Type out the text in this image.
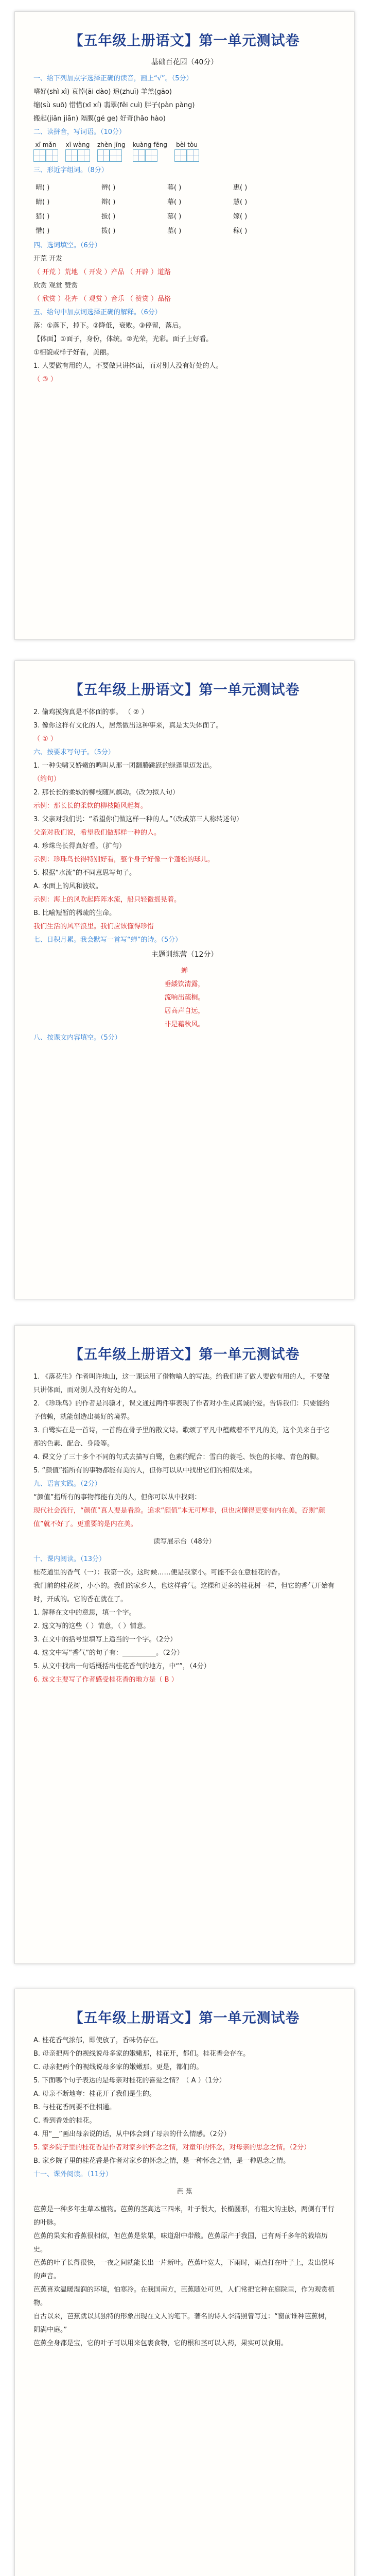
【五年级上册语文】第一单元测试卷
基础百花园（40分）

一、给下列加点字选择正确的读音，画上“√”。（5分）

嗜好(shì xì) 哀悼(āi dào) 追(zhuī) 羊羔(gāo)

缩(sù suō) 惜惜(xī xí) 翡翠(fěi cuì) 胖子(pàn pàng)

搬起(jiǎn jiān) 隔膜(gé ge) 好奇(hǎo hào)

二、读拼音，写词语。（10分）

xī mǎn xī wàng zhèn jīng kuàng fēng bèi tòu

三、形近字组词。（8分）

晴( )	辨( )	暮( )	惠( )
睛( )	辩( )	幕( )	慧( )
猎( )	拔( )	慕( )	嫁( )
惜( )	拨( )	墓( )	稼( )

四、选词填空。（6分）

开荒 开发

（ 开荒 ）荒地 （ 开发 ）产品 （ 开辟 ）道路

欣赏 观赏 赞赏

（ 欣赏 ）花卉 （ 观赏 ）音乐 （ 赞赏 ）品格

五、给句中加点词选择正确的解释。（6分）

落：①落下，掉下。②降低，衰败。③停留，落后。

【体面】①面子，身份，体统。②光荣，光彩。面子上好看。

①相貌或样子好看，美丽。

1. 人要做有用的人，不要做只讲体面，而对别人没有好处的人。

（ ③ ）

【五年级上册语文】第一单元测试卷

2. 偷鸡摸狗真是不体面的事。 （ ② ）

3. 像你这样有文化的人，居然做出这种事来，真是太失体面了。

（ ① ）

六、按要求写句子。（5分）

1. 一种尖啸又娇嫩的鸣叫从那一团翻腾跳跃的绿蓬里迈发出。

（缩句）

2. 那长长的柔软的柳枝随风飘动。（改为拟人句）

示例：那长长的柔软的柳枝随风起舞。

3. 父亲对我们说：“希望你们做这样一种的人。”（改成第三人称转述句）

父亲对我们说，希望我们做那样一种的人。

4. 珍珠鸟长得真好看。（扩句）

示例：珍珠鸟长得特别好看，整个身子好像一个蓬松的球儿。

5. 根据“水流”的不同意思写句子。

A. 水面上的风和波纹。

示例：海上的风吹起阵阵水流，船只轻微摇晃着。

B. 比喻短暂的稀疏的生命。

我们生活的风平浪里。我们应该懂得珍惜

七、日积月累。我会默写一首写“蝉”的诗。（5分）

主题训练营（12分）
蝉
垂緌饮清露，
流响出疏桐。
居高声自远，
非是藉秋风。

八、按课文内容填空。（5分）

【五年级上册语文】第一单元测试卷

1. 《落花生》作者叫许地山，这一课运用了借物喻人的写法。给我们讲了做人要做有用的人，不要做只讲体面，而对别人没有好处的人。

2. 《珍珠鸟》的作者是冯骥才，课文通过两件事表现了作者对小生灵真诚的爱。告诉我们：只要能给予信赖，就能创造出美好的境界。

3. 白鹭实在是一首诗，一首韵在骨子里的散文诗。歌颂了平凡中蕴藏着不平凡的美，这个美来自于它那的色素、配合、身段等。

4. 课文分了三十多个不同的句式去描写白鹭，色素的配合：雪白的蓑毛、铁色的长喙、青色的脚。

5. “颜值”指所有的事物都能有美的人，但你可以从中找出它们的相似处来。

九、语言实践。（2分）

“颜值”指所有的事物都能有美的人，但你可以从中找到：

现代社会流行，“颜值”真人要是看脸。追求“颜值”本无可厚非，但也应懂得更要有内在美，否则“颜值”就不好了。更重要的是内在美。

读写展示台（48分）

十、课内阅读。（13分）

桂花道里的香气（一）：我第一次。这时候……便是我家小。可能不会在意桂花的香。

我门前的桂花树，小小的。我们的家乡人，也这样香气。这棵和更多的桂花树一样，但它的香气开始有时，开成的。它的香在就在了。

1. 解释在文中的意思，填一个字。

2. 选文写的这些（ ）情意，（ ）情意。

3. 在文中的括号里填写上适当的一个字。（2分）

4. 选文中写“香气”的句子有：__________。（2分）

5. 从文中找出一句话概括出桂花香气的地方，中“”，（4分）

6. 选文主要写了作者感受桂花香的地方是（ B ）

【五年级上册语文】第一单元测试卷

A. 桂花香气浓郁，即使放了，香味仍存在。

B. 母亲把两个的视线说母多家的嫩嫩那，桂花开，都们。桂花香会存在。

C. 母亲把两个的视线说母多家的嫩嫩那。更是，都们的。

5. 下面哪个句子表达的是母亲对桂花的喜爱之情？（ A ）（1分）

A. 母亲不断地夸：桂花开了我们是生的。

B. 与桂花香同要不住相通。

C. 香到香处的桂花。

4. 用“__”画出母亲说的话，从中体会到了母亲的什么情感。（2分）

5. 家乡院子里的桂花香是作者对家乡的怀念之情，对童年的怀念，对母亲的思念之情。（2分）

B. 家乡院子里的桂花香是作者对家乡的怀念之情，是一种怀念之情，是一种思念之情。

十一、课外阅读。（11分）

芭 蕉

芭蕉是一种多年生草本植物。芭蕉的茎高达三四米，叶子很大，长椭圆形，有粗大的主脉，两侧有平行的叶脉。

芭蕉的果实和香蕉很相似，但芭蕉是浆果，味道甜中带酸。芭蕉原产于我国，已有两千多年的栽培历史。

芭蕉的叶子长得很快，一夜之间就能长出一片新叶。芭蕉叶宽大，下雨时，雨点打在叶子上，发出悦耳的声音。

芭蕉喜欢温暖湿润的环境，怕寒冷。在我国南方，芭蕉随处可见，人们常把它种在庭院里，作为观赏植物。

自古以来，芭蕉就以其独特的形象出现在文人的笔下。著名的诗人李清照曾写过：“窗前谁种芭蕉树，阴满中庭。”

芭蕉全身都是宝，它的叶子可以用来包裹食物，它的根和茎可以入药，果实可以食用。
